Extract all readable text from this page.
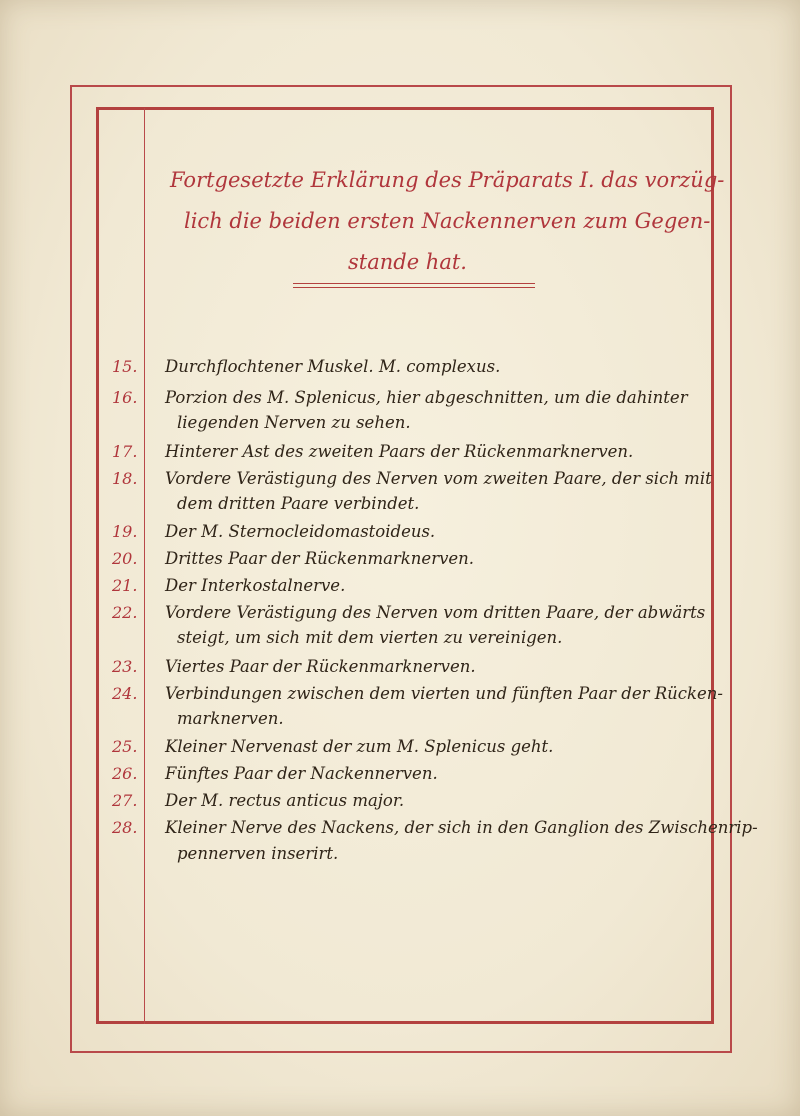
Fortgesetzte Erklärung des Präparats I. das vorzüg-
lich die beiden ersten Nackennerven zum Gegen-
stande hat.
15. Durchflochtener Muskel. M. complexus.
16. Porzion des M. Splenicus, hier abgeschnitten, um die dahinter
liegenden Nerven zu sehen.
17. Hinterer Ast des zweiten Paars der Rückenmarknerven.
18. Vordere Verästigung des Nerven vom zweiten Paare, der sich mit
dem dritten Paare verbindet.
19. Der M. Sternocleidomastoideus.
20. Drittes Paar der Rückenmarknerven.
21. Der Interkostalnerve.
22. Vordere Verästigung des Nerven vom dritten Paare, der abwärts
steigt, um sich mit dem vierten zu vereinigen.
23. Viertes Paar der Rückenmarknerven.
24. Verbindungen zwischen dem vierten und fünften Paar der Rücken-
marknerven.
25. Kleiner Nervenast der zum M. Splenicus geht.
26. Fünftes Paar der Nackennerven.
27. Der M. rectus anticus major.
28. Kleiner Nerve des Nackens, der sich in den Ganglion des Zwischenrip-
pennerven inserirt.
